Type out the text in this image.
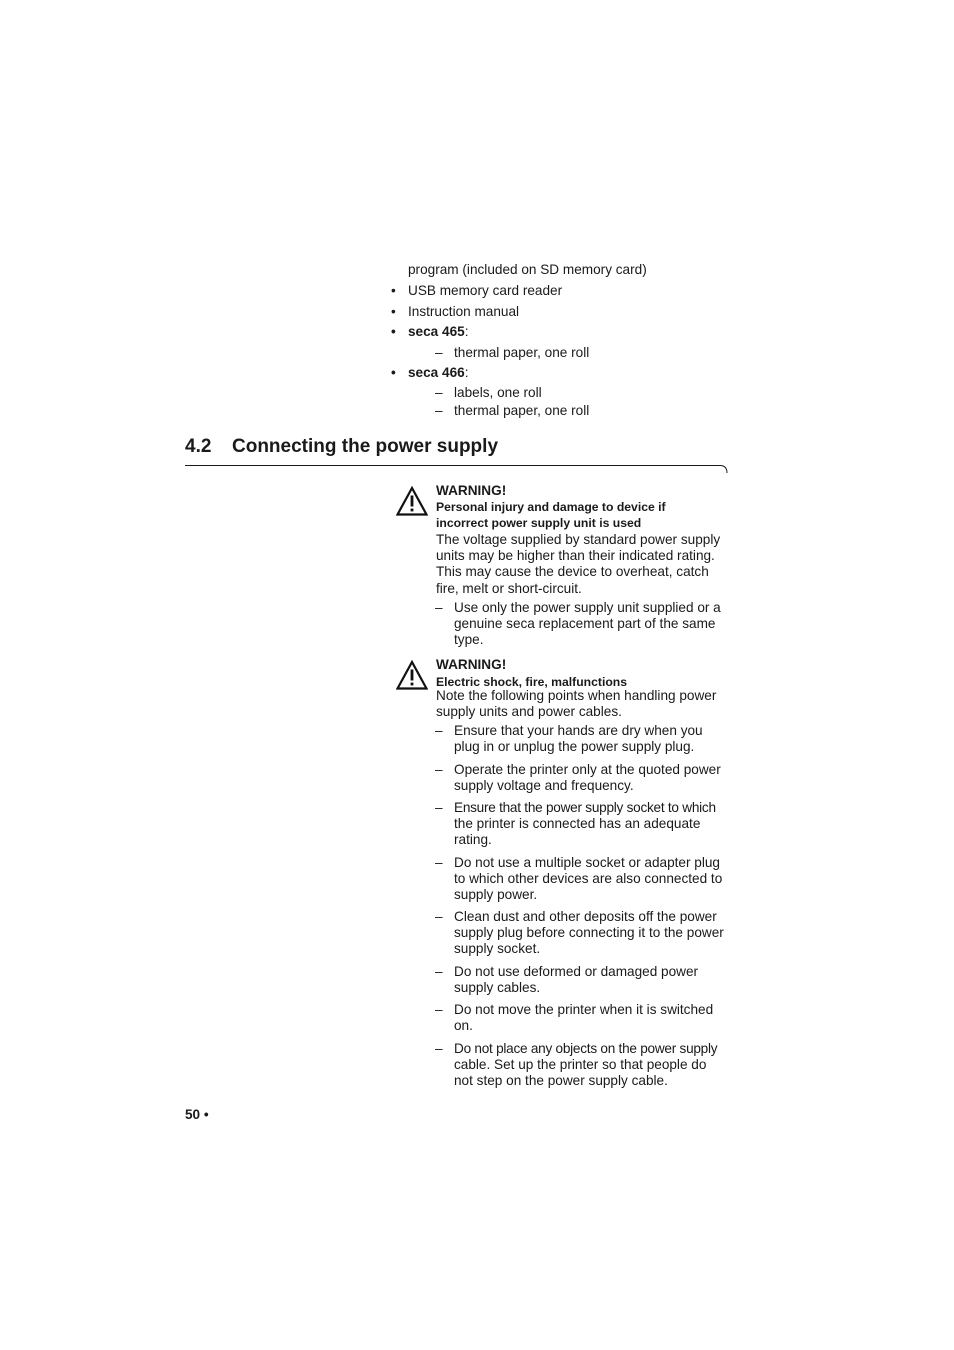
program (included on SD memory card)
• USB memory card reader
• Instruction manual
• seca 465:
– thermal paper, one roll
• seca 466:
– labels, one roll
– thermal paper, one roll
4.2 Connecting the power supply
WARNING!
Personal injury and damage to device if
incorrect power supply unit is used
The voltage supplied by standard power supply
units may be higher than their indicated rating.
This may cause the device to overheat, catch
fire, melt or short-circuit.
– Use only the power supply unit supplied or a
genuine seca replacement part of the same
type.
WARNING!
Electric shock, fire, malfunctions
Note the following points when handling power
supply units and power cables.
– Ensure that your hands are dry when you
plug in or unplug the power supply plug.
– Operate the printer only at the quoted power
supply voltage and frequency.
– Ensure that the power supply socket to which
the printer is connected has an adequate
rating.
– Do not use a multiple socket or adapter plug
to which other devices are also connected to
supply power.
– Clean dust and other deposits off the power
supply plug before connecting it to the power
supply socket.
– Do not use deformed or damaged power
supply cables.
– Do not move the printer when it is switched
on.
– Do not place any objects on the power supply
cable. Set up the printer so that people do
not step on the power supply cable.
50 •
